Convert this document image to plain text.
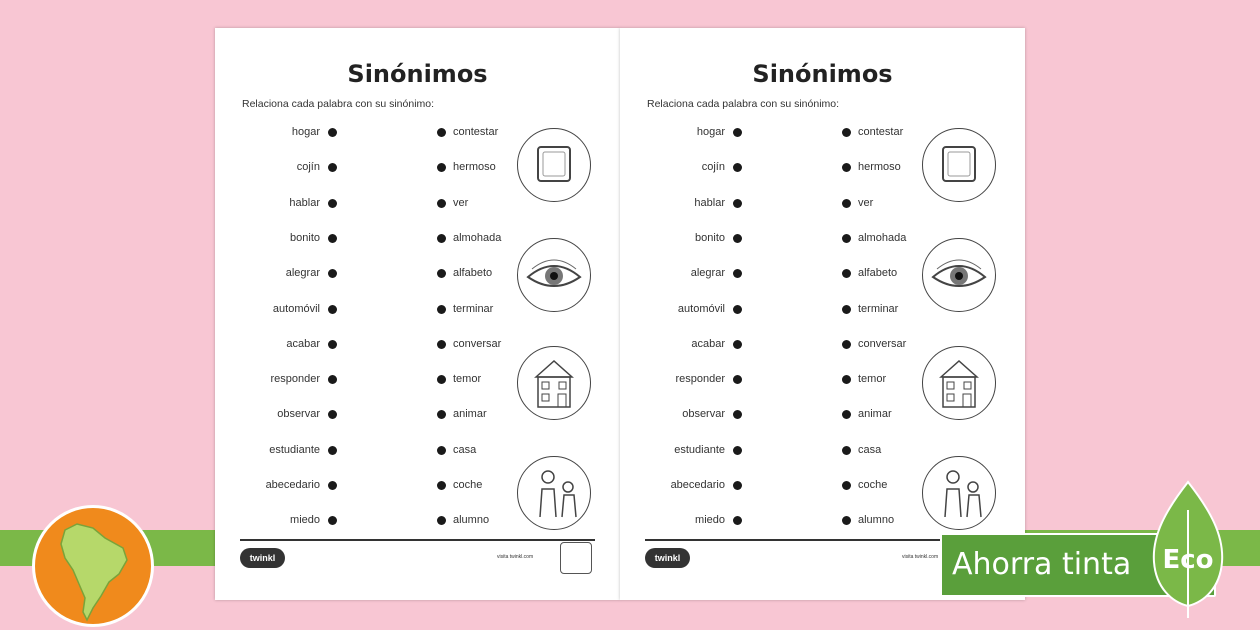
Sinónimos
Relaciona cada palabra con su sinónimo:
hogar	contestar
cojín	hermoso
hablar	ver
bonito	almohada
alegrar	alfabeto
automóvil	terminar
acabar	conversar
responder	temor
observar	animar
estudiante	casa
abecedario	coche
miedo	alumno
twinkl	visita twinkl.com
Sinónimos
Relaciona cada palabra con su sinónimo:
hogar	contestar
cojín	hermoso
hablar	ver
bonito	almohada
alegrar	alfabeto
automóvil	terminar
acabar	conversar
responder	temor
observar	animar
estudiante	casa
abecedario	coche
miedo	alumno
twinkl	visita twinkl.com Ahorra tinta Eco
